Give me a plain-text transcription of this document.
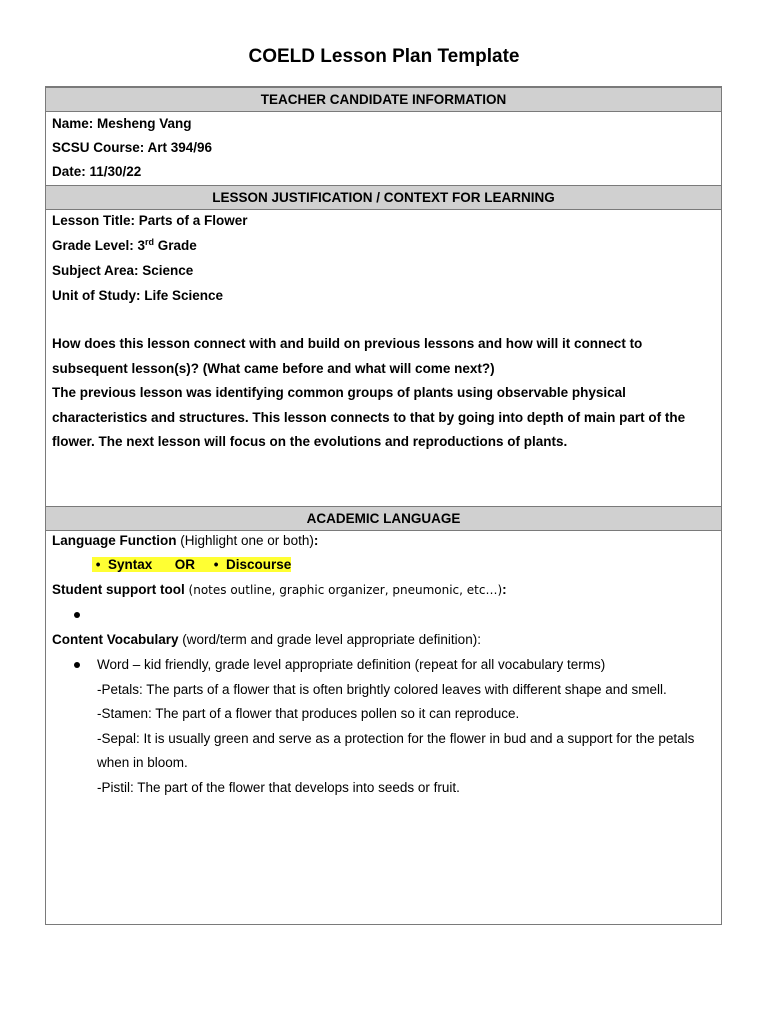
COELD Lesson Plan Template
TEACHER CANDIDATE INFORMATION
Name: Mesheng Vang
SCSU Course: Art 394/96
Date: 11/30/22
LESSON JUSTIFICATION / CONTEXT FOR LEARNING
Lesson Title: Parts of a Flower
Grade Level: 3rd Grade
Subject Area: Science
Unit of Study: Life Science
How does this lesson connect with and build on previous lessons and how will it connect to
subsequent lesson(s)? (What came before and what will come next?)
The previous lesson was identifying common groups of plants using observable physical
characteristics and structures. This lesson connects to that by going into depth of main part of the
flower. The next lesson will focus on the evolutions and reproductions of plants.
ACADEMIC LANGUAGE
Language Function (Highlight one or both):
•  Syntax OR •  Discourse
Student support tool (notes outline, graphic organizer, pneumonic, etc…):
Content Vocabulary (word/term and grade level appropriate definition):
Word – kid friendly, grade level appropriate definition (repeat for all vocabulary terms)
-Petals: The parts of a flower that is often brightly colored leaves with different shape and smell.
-Stamen: The part of a flower that produces pollen so it can reproduce.
-Sepal: It is usually green and serve as a protection for the flower in bud and a support for the petals
when in bloom.
-Pistil: The part of the flower that develops into seeds or fruit.
